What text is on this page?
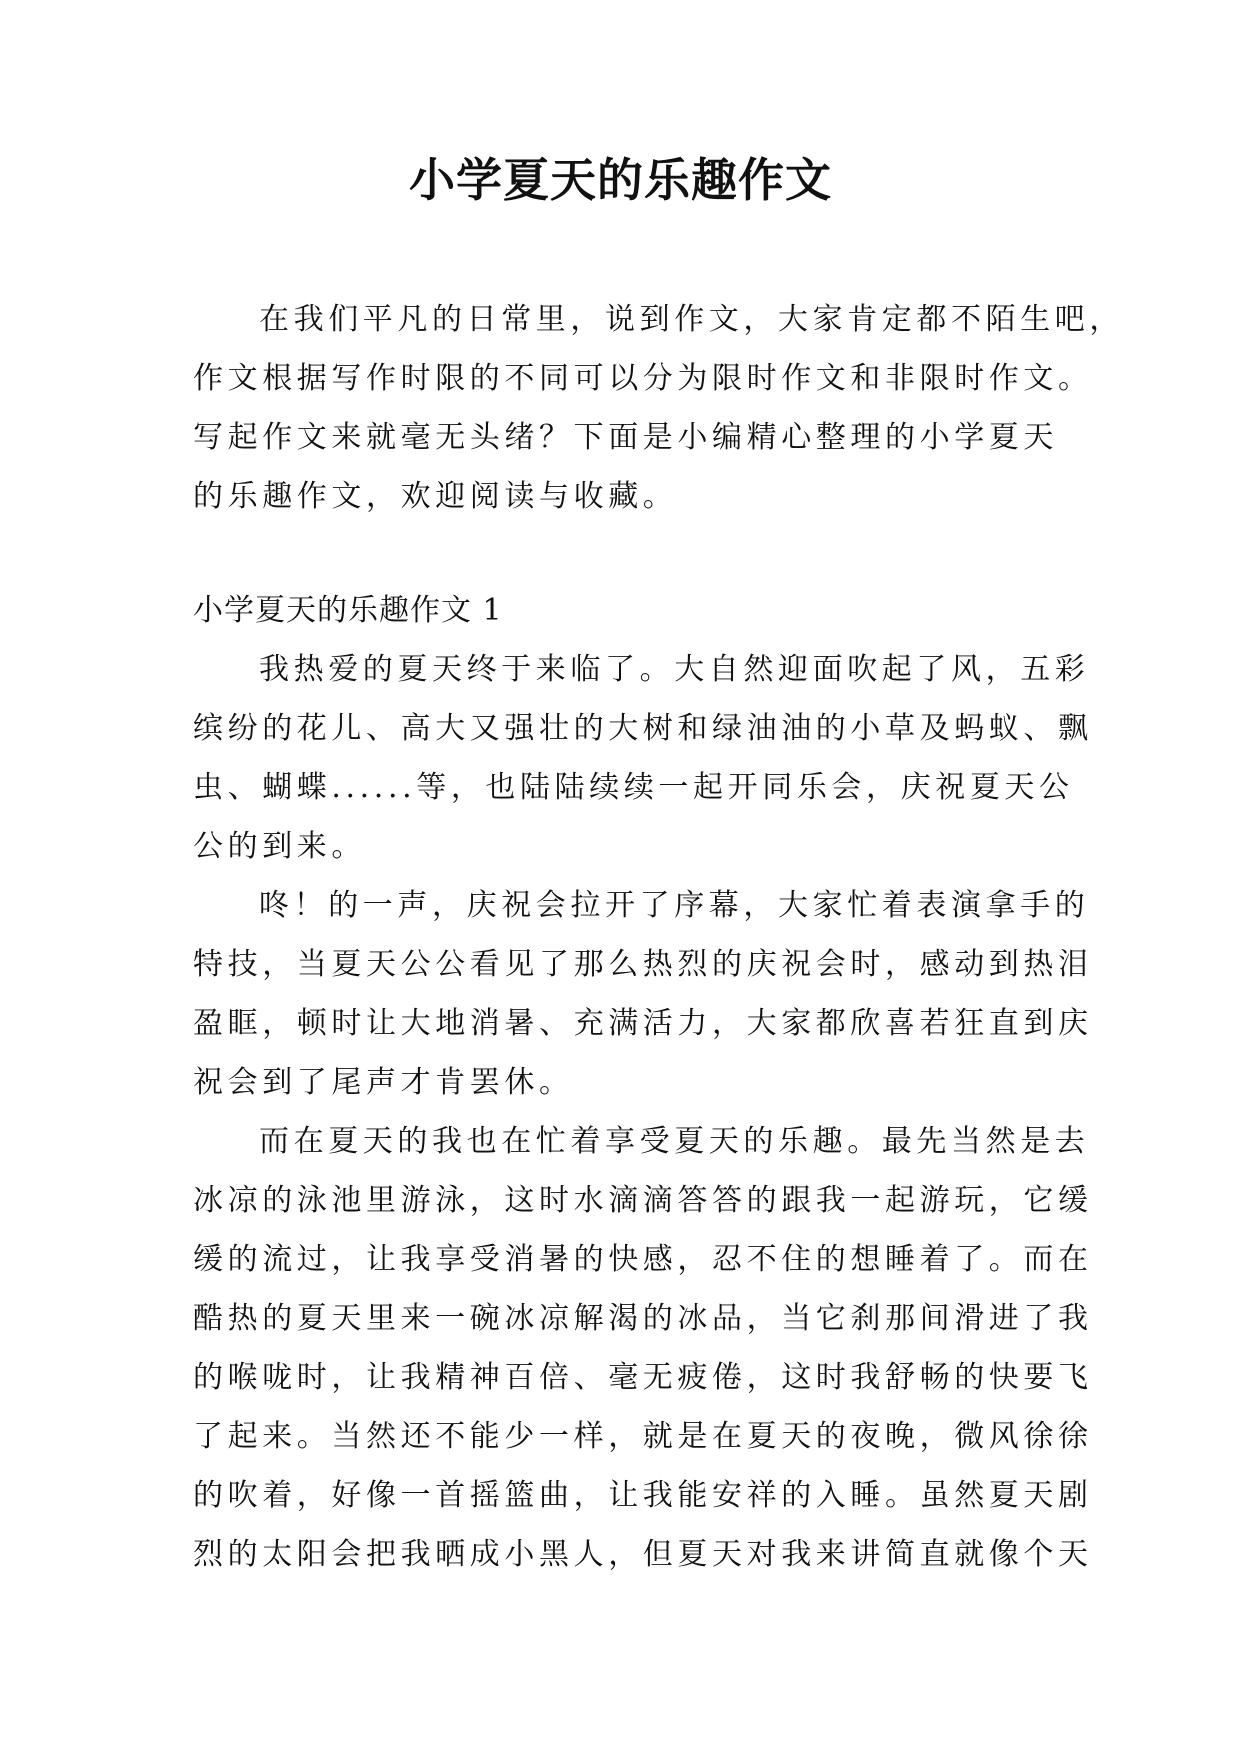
小学夏天的乐趣作文
在我们平凡的日常里，说到作文，大家肯定都不陌生吧，
作文根据写作时限的不同可以分为限时作文和非限时作文。
写起作文来就毫无头绪？下面是小编精心整理的小学夏天
的乐趣作文，欢迎阅读与收藏。
小学夏天的乐趣作文 1
我热爱的夏天终于来临了。大自然迎面吹起了风，五彩
缤纷的花儿、高大又强壮的大树和绿油油的小草及蚂蚁、飘
虫、蝴蝶......等，也陆陆续续一起开同乐会，庆祝夏天公
公的到来。
咚！的一声，庆祝会拉开了序幕，大家忙着表演拿手的
特技，当夏天公公看见了那么热烈的庆祝会时，感动到热泪
盈眶，顿时让大地消暑、充满活力，大家都欣喜若狂直到庆
祝会到了尾声才肯罢休。
而在夏天的我也在忙着享受夏天的乐趣。最先当然是去
冰凉的泳池里游泳，这时水滴滴答答的跟我一起游玩，它缓
缓的流过，让我享受消暑的快感，忍不住的想睡着了。而在
酷热的夏天里来一碗冰凉解渴的冰品，当它刹那间滑进了我
的喉咙时，让我精神百倍、毫无疲倦，这时我舒畅的快要飞
了起来。当然还不能少一样，就是在夏天的夜晚，微风徐徐
的吹着，好像一首摇篮曲，让我能安祥的入睡。虽然夏天剧
烈的太阳会把我晒成小黑人，但夏天对我来讲简直就像个天
